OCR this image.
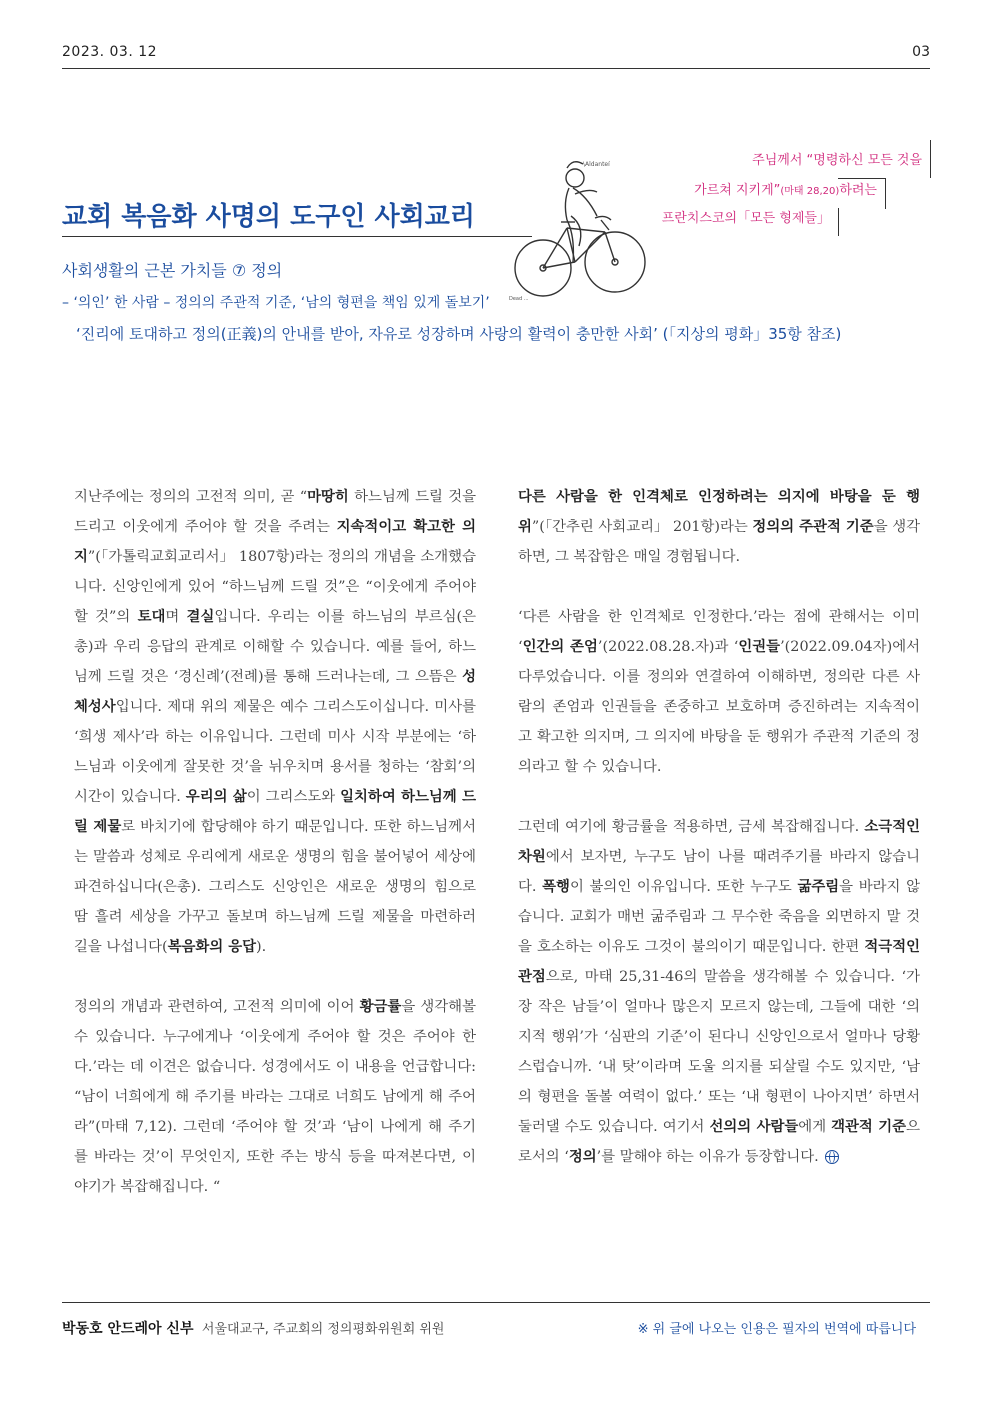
2023. 03. 12	03
교회 복음화 사명의 도구인 사회교리
주님께서 “명령하신 모든 것을
가르쳐 지키게”(마태 28,20)하려는
프란치스코의「모든 형제들」
\Aldanteí
Dead ...
사회생활의 근본 가치들 ⑦ 정의
– ‘의인’ 한 사람 – 정의의 주관적 기준, ‘남의 형편을 책임 있게 돌보기’
‘진리에 토대하고 정의(正義)의 안내를 받아, 자유로 성장하며 사랑의 활력이 충만한 사회’ (「지상의 평화」35항 참조)

지난주에는 정의의 고전적 의미, 곧 “마땅히 하느님께 드릴 것을 드리고 이웃에게 주어야 할 것을 주려는 지속적이고 확고한 의지”(「가톨릭교회교리서」 1807항)라는 정의의 개념을 소개했습니다. 신앙인에게 있어 “하느님께 드릴 것”은 “이웃에게 주어야 할 것”의 토대며 결실입니다. 우리는 이를 하느님의 부르심(은총)과 우리 응답의 관계로 이해할 수 있습니다. 예를 들어, 하느님께 드릴 것은 ‘경신례’(전례)를 통해 드러나는데, 그 으뜸은 성체성사입니다. 제대 위의 제물은 예수 그리스도이십니다. 미사를 ‘희생 제사’라 하는 이유입니다. 그런데 미사 시작 부분에는 ‘하느님과 이웃에게 잘못한 것’을 뉘우치며 용서를 청하는 ‘참회’의 시간이 있습니다. 우리의 삶이 그리스도와 일치하여 하느님께 드릴 제물로 바치기에 합당해야 하기 때문입니다. 또한 하느님께서는 말씀과 성체로 우리에게 새로운 생명의 힘을 불어넣어 세상에 파견하십니다(은총). 그리스도 신앙인은 새로운 생명의 힘으로 땀 흘려 세상을 가꾸고 돌보며 하느님께 드릴 제물을 마련하러 길을 나섭니다(복음화의 응답).

정의의 개념과 관련하여, 고전적 의미에 이어 황금률을 생각해볼 수 있습니다. 누구에게나 ‘이웃에게 주어야 할 것은 주어야 한다.’라는 데 이견은 없습니다. 성경에서도 이 내용을 언급합니다: “남이 너희에게 해 주기를 바라는 그대로 너희도 남에게 해 주어라”(마태 7,12). 그런데 ‘주어야 할 것’과 ‘남이 나에게 해 주기를 바라는 것’이 무엇인지, 또한 주는 방식 등을 따져본다면, 이야기가 복잡해집니다. “

다른 사람을 한 인격체로 인정하려는 의지에 바탕을 둔 행위”(「간추린 사회교리」 201항)라는 정의의 주관적 기준을 생각하면, 그 복잡함은 매일 경험됩니다.

‘다른 사람을 한 인격체로 인정한다.’라는 점에 관해서는 이미 ‘인간의 존엄’(2022.08.28.자)과 ‘인권들’(2022.09.04자)에서 다루었습니다. 이를 정의와 연결하여 이해하면, 정의란 다른 사람의 존엄과 인권들을 존중하고 보호하며 증진하려는 지속적이고 확고한 의지며, 그 의지에 바탕을 둔 행위가 주관적 기준의 정의라고 할 수 있습니다.

그런데 여기에 황금률을 적용하면, 금세 복잡해집니다. 소극적인 차원에서 보자면, 누구도 남이 나를 때려주기를 바라지 않습니다. 폭행이 불의인 이유입니다. 또한 누구도 굶주림을 바라지 않습니다. 교회가 매번 굶주림과 그 무수한 죽음을 외면하지 말 것을 호소하는 이유도 그것이 불의이기 때문입니다. 한편 적극적인 관점으로, 마태 25,31-46의 말씀을 생각해볼 수 있습니다. ‘가장 작은 남들’이 얼마나 많은지 모르지 않는데, 그들에 대한 ‘의지적 행위’가 ‘심판의 기준’이 된다니 신앙인으로서 얼마나 당황스럽습니까. ‘내 탓’이라며 도울 의지를 되살릴 수도 있지만, ‘남의 형편을 돌볼 여력이 없다.’ 또는 ‘내 형편이 나아지면’ 하면서 둘러댈 수도 있습니다. 여기서 선의의 사람들에게 객관적 기준으로서의 ‘정의’를 말해야 하는 이유가 등장합니다.

박동호 안드레아 신부 서울대교구, 주교회의 정의평화위원회 위원	※ 위 글에 나오는 인용은 필자의 번역에 따릅니다
